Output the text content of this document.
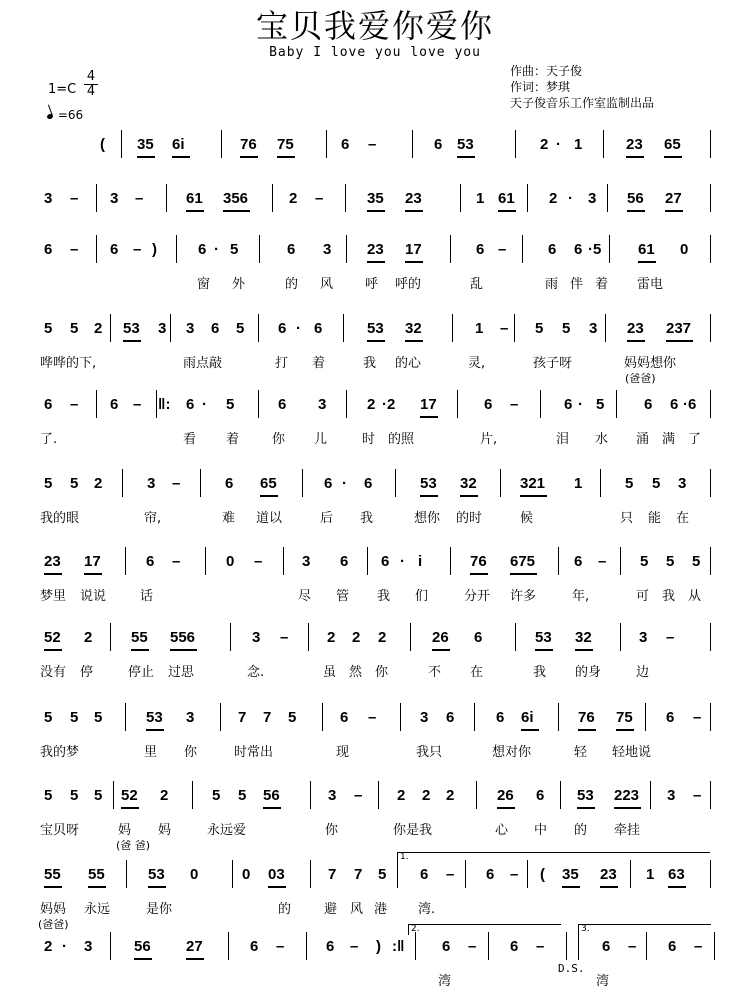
宝贝我爱你爱你
Baby I love you love you
作曲：天子俊
作词：梦琪
天子俊音乐工作室监制出品
$1=C \frac{4}{4}$
=66
( 35 6i	76 75	6 –	6 53	2 · 1	23 65
3 – 3 –	61 356	2 –	35 23	1 61 2 · 3 56 27
6 – 6 – )	6 · 5	6 3 23 17	6 –	6 6 ·5 61 0
窗 外	的 风 呼 呼的	乱	雨 伴 着 雷电
5 5 2 53 3 3 6 5 6 · 6	53 32	1 – 5 5 3 23 237
哗哗的下,	雨点敲	打 着	我 的心	灵,	孩子呀	妈妈想你
(爸爸)
6 – 6 – ‖: 6 · 5	6 3	2 ·2 17	6 –	6 · 5	6 6 ·6
了.	看 着	你 儿	时 的照	片,	泪 水 涌 满 了
5 5 2	3 –	6 65	6 · 6	53 32	321 1	5 5 3
我的眼	帘,	难 道以	后 我	想你 的时	候	只 能 在
23 17	6 –	0 –	3 6 6 · i	76 675	6 – 5 5 5
梦里 说说	话	尽 管 我 们	分开 许多	年,	可 我 从
52 2	55 556	3 –	2 2 2	26 6	53 32	3 –
没有 停	停止 过思	念.	虽 然 你	不 在	我 的身	边
5 5 5	53 3	7 7 5	6 –	3 6	6 6i	76 75 6 –
我的梦	里 你	时常出	现	我只	想对你	轻 轻地说
5 5 5 52 2	5 5 56	3 – 2 2 2	26 6 53 223 3 –
宝贝呀	妈 妈	永远爱	你	你是我	心 中 的 牵挂
(爸 爸)
55 55	53 0	0 03	7 7 5 6 – 6 – ( 35 23 1 63
妈妈 永远	是你	的	避 风 港 湾.
(爸爸)
1.
2 · 3	56 27	6 –	6 – ) :‖	6 – 6 –	6 – 6 –
湾	湾
2.	3.
D.S.
